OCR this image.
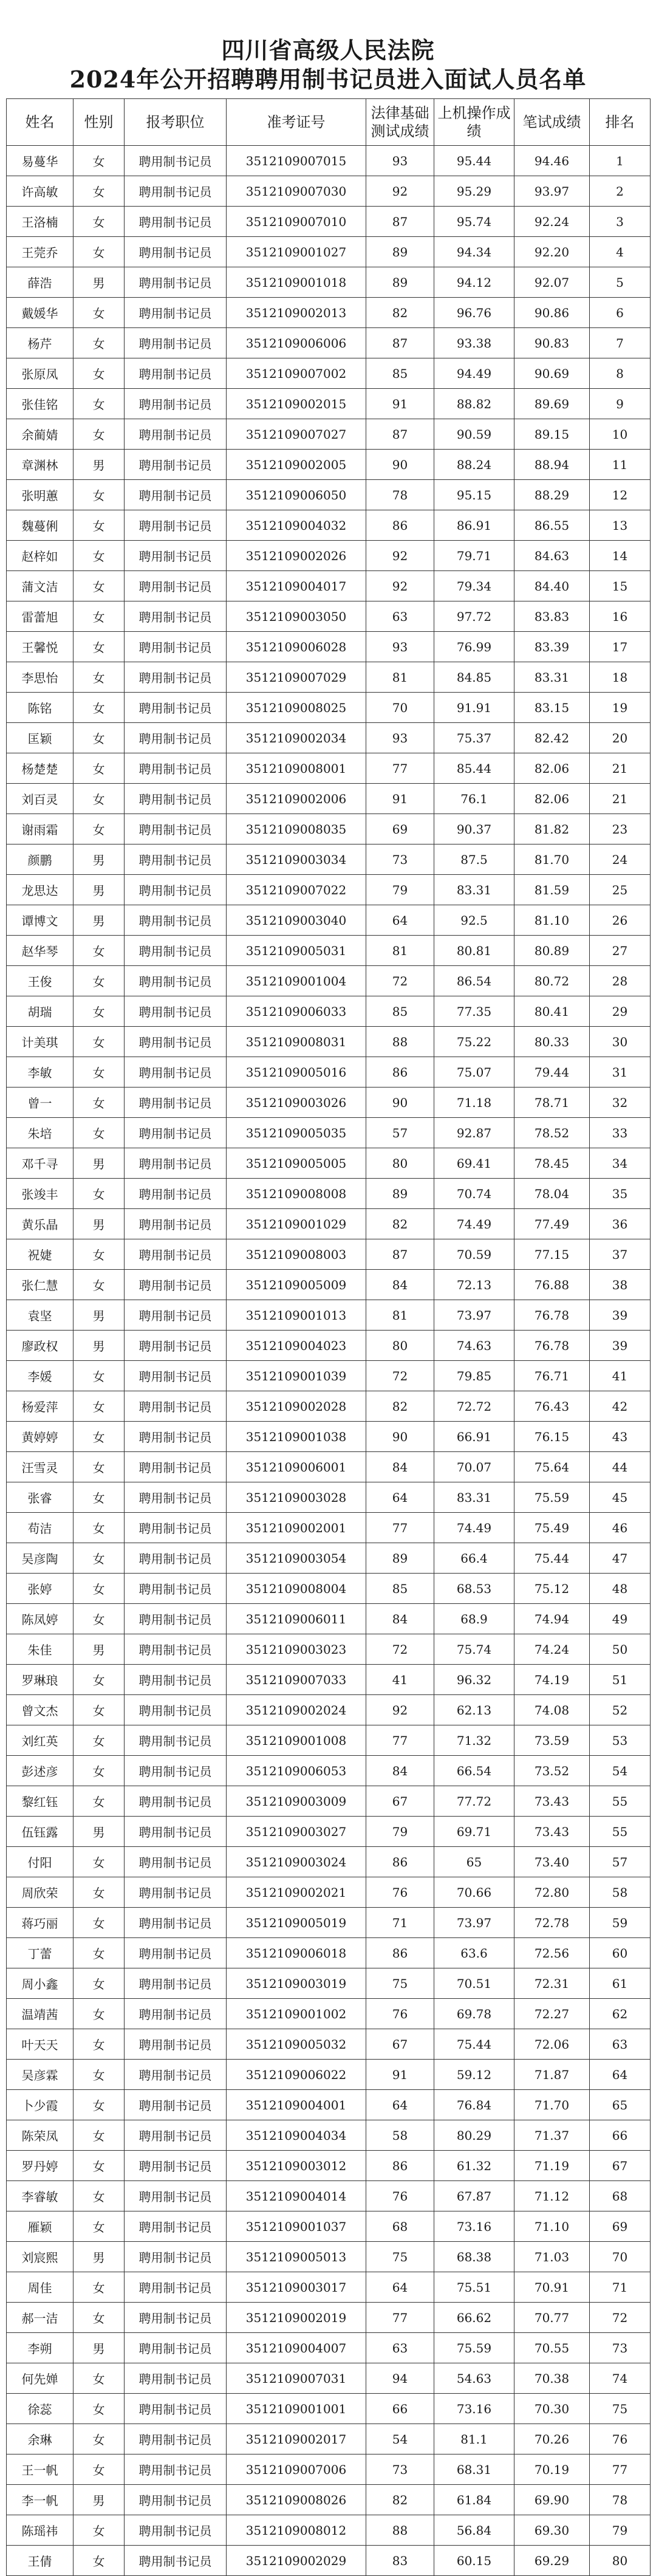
四川省高级人民法院
2024年公开招聘聘用制书记员进入面试人员名单
姓名	性别	报考职位	准考证号	法律基础测试成绩	上机操作成绩	笔试成绩	排名
易蔓华	女	聘用制书记员	3512109007015	93	95.44	94.46	1
许高敏	女	聘用制书记员	3512109007030	92	95.29	93.97	2
王洛楠	女	聘用制书记员	3512109007010	87	95.74	92.24	3
王莞乔	女	聘用制书记员	3512109001027	89	94.34	92.20	4
薛浩	男	聘用制书记员	3512109001018	89	94.12	92.07	5
戴媛华	女	聘用制书记员	3512109002013	82	96.76	90.86	6
杨芹	女	聘用制书记员	3512109006006	87	93.38	90.83	7
张原凤	女	聘用制书记员	3512109007002	85	94.49	90.69	8
张佳铭	女	聘用制书记员	3512109002015	91	88.82	89.69	9
余蔺婧	女	聘用制书记员	3512109007027	87	90.59	89.15	10
章渊林	男	聘用制书记员	3512109002005	90	88.24	88.94	11
张明蕙	女	聘用制书记员	3512109006050	78	95.15	88.29	12
魏蔓俐	女	聘用制书记员	3512109004032	86	86.91	86.55	13
赵梓如	女	聘用制书记员	3512109002026	92	79.71	84.63	14
蒲文洁	女	聘用制书记员	3512109004017	92	79.34	84.40	15
雷蕾旭	女	聘用制书记员	3512109003050	63	97.72	83.83	16
王馨悦	女	聘用制书记员	3512109006028	93	76.99	83.39	17
李思怡	女	聘用制书记员	3512109007029	81	84.85	83.31	18
陈铭	女	聘用制书记员	3512109008025	70	91.91	83.15	19
匡颖	女	聘用制书记员	3512109002034	93	75.37	82.42	20
杨楚楚	女	聘用制书记员	3512109008001	77	85.44	82.06	21
刘百灵	女	聘用制书记员	3512109002006	91	76.1	82.06	21
谢雨霜	女	聘用制书记员	3512109008035	69	90.37	81.82	23
颜鹏	男	聘用制书记员	3512109003034	73	87.5	81.70	24
龙思达	男	聘用制书记员	3512109007022	79	83.31	81.59	25
谭博文	男	聘用制书记员	3512109003040	64	92.5	81.10	26
赵华琴	女	聘用制书记员	3512109005031	81	80.81	80.89	27
王俊	女	聘用制书记员	3512109001004	72	86.54	80.72	28
胡瑞	女	聘用制书记员	3512109006033	85	77.35	80.41	29
计美琪	女	聘用制书记员	3512109008031	88	75.22	80.33	30
李敏	女	聘用制书记员	3512109005016	86	75.07	79.44	31
曾一	女	聘用制书记员	3512109003026	90	71.18	78.71	32
朱培	女	聘用制书记员	3512109005035	57	92.87	78.52	33
邓千寻	男	聘用制书记员	3512109005005	80	69.41	78.45	34
张竣丰	女	聘用制书记员	3512109008008	89	70.74	78.04	35
黄乐晶	男	聘用制书记员	3512109001029	82	74.49	77.49	36
祝婕	女	聘用制书记员	3512109008003	87	70.59	77.15	37
张仁慧	女	聘用制书记员	3512109005009	84	72.13	76.88	38
袁坚	男	聘用制书记员	3512109001013	81	73.97	76.78	39
廖政权	男	聘用制书记员	3512109004023	80	74.63	76.78	39
李媛	女	聘用制书记员	3512109001039	72	79.85	76.71	41
杨爱萍	女	聘用制书记员	3512109002028	82	72.72	76.43	42
黄婷婷	女	聘用制书记员	3512109001038	90	66.91	76.15	43
汪雪灵	女	聘用制书记员	3512109006001	84	70.07	75.64	44
张睿	女	聘用制书记员	3512109003028	64	83.31	75.59	45
苟洁	女	聘用制书记员	3512109002001	77	74.49	75.49	46
吴彦陶	女	聘用制书记员	3512109003054	89	66.4	75.44	47
张婷	女	聘用制书记员	3512109008004	85	68.53	75.12	48
陈凤婷	女	聘用制书记员	3512109006011	84	68.9	74.94	49
朱佳	男	聘用制书记员	3512109003023	72	75.74	74.24	50
罗琳琅	女	聘用制书记员	3512109007033	41	96.32	74.19	51
曾文杰	女	聘用制书记员	3512109002024	92	62.13	74.08	52
刘红英	女	聘用制书记员	3512109001008	77	71.32	73.59	53
彭述彦	女	聘用制书记员	3512109006053	84	66.54	73.52	54
黎红钰	女	聘用制书记员	3512109003009	67	77.72	73.43	55
伍钰露	男	聘用制书记员	3512109003027	79	69.71	73.43	55
付阳	女	聘用制书记员	3512109003024	86	65	73.40	57
周欣荣	女	聘用制书记员	3512109002021	76	70.66	72.80	58
蒋巧丽	女	聘用制书记员	3512109005019	71	73.97	72.78	59
丁蕾	女	聘用制书记员	3512109006018	86	63.6	72.56	60
周小鑫	女	聘用制书记员	3512109003019	75	70.51	72.31	61
温靖茜	女	聘用制书记员	3512109001002	76	69.78	72.27	62
叶天天	女	聘用制书记员	3512109005032	67	75.44	72.06	63
吴彦霖	女	聘用制书记员	3512109006022	91	59.12	71.87	64
卜少霞	女	聘用制书记员	3512109004001	64	76.84	71.70	65
陈荣凤	女	聘用制书记员	3512109004034	58	80.29	71.37	66
罗丹婷	女	聘用制书记员	3512109003012	86	61.32	71.19	67
李睿敏	女	聘用制书记员	3512109004014	76	67.87	71.12	68
雁颖	女	聘用制书记员	3512109001037	68	73.16	71.10	69
刘宸熙	男	聘用制书记员	3512109005013	75	68.38	71.03	70
周佳	女	聘用制书记员	3512109003017	64	75.51	70.91	71
郝一洁	女	聘用制书记员	3512109002019	77	66.62	70.77	72
李朔	男	聘用制书记员	3512109004007	63	75.59	70.55	73
何先婵	女	聘用制书记员	3512109007031	94	54.63	70.38	74
徐蕊	女	聘用制书记员	3512109001001	66	73.16	70.30	75
余琳	女	聘用制书记员	3512109002017	54	81.1	70.26	76
王一帆	女	聘用制书记员	3512109007006	73	68.31	70.19	77
李一帆	男	聘用制书记员	3512109008026	82	61.84	69.90	78
陈瑶祎	女	聘用制书记员	3512109008012	88	56.84	69.30	79
王倩	女	聘用制书记员	3512109002029	83	60.15	69.29	80
